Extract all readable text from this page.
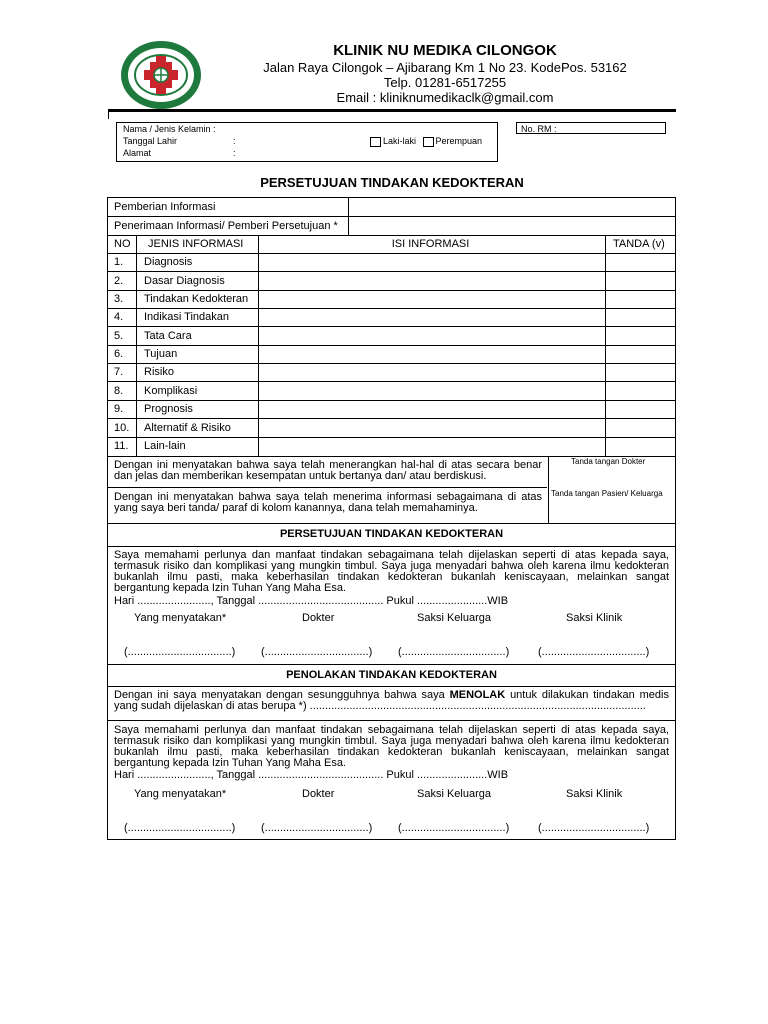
KLINIK NU MEDIKA CILONGOK
Jalan Raya Cilongok – Ajibarang Km 1 No 23. KodePos. 53162
Telp. 01281-6517255
Email : kliniknumedikaclk@gmail.com
Nama / Jenis Kelamin :
Tanggal Lahir	:	Laki-laki Perempuan
Alamat	:
No. RM :
PERSETUJUAN TINDAKAN KEDOKTERAN
Pemberian Informasi
Penerimaan Informasi/ Pemberi Persetujuan *
NO JENIS INFORMASI	ISI INFORMASI	TANDA (v)
1. Diagnosis
2. Dasar Diagnosis
3. Tindakan Kedokteran
4. Indikasi Tindakan
5. Tata Cara
6. Tujuan
7. Risiko
8. Komplikasi
9. Prognosis
10. Alternatif & Risiko
11. Lain-lain
Dengan ini menyatakan bahwa saya telah menerangkan hal-hal di atas secara benar dan jelas dan memberikan kesempatan untuk bertanya dan/ atau berdiskusi.
Tanda tangan Dokter
Dengan ini menyatakan bahwa saya telah menerima informasi sebagaimana di atas yang saya beri tanda/ paraf di kolom kanannya, dana telah memahaminya.
Tanda tangan Pasien/ Keluarga
PERSETUJUAN TINDAKAN KEDOKTERAN
Saya memahami perlunya dan manfaat tindakan sebagaimana telah dijelaskan seperti di atas kepada saya, termasuk risiko dan komplikasi yang mungkin timbul. Saya juga menyadari bahwa oleh karena ilmu kedokteran bukanlah ilmu pasti, maka keberhasilan tindakan kedokteran bukanlah keniscayaan, melainkan sangat bergantung kepada Izin Tuhan Yang Maha Esa.
Hari ........................, Tanggal ......................................... Pukul .......................WIB
Yang menyatakan*	Dokter	Saksi Keluarga	Saksi Klinik
(..................................) (..................................) (..................................)	(..................................)
PENOLAKAN TINDAKAN KEDOKTERAN
Dengan ini saya menyatakan dengan sesungguhnya bahwa saya MENOLAK untuk dilakukan tindakan medis yang sudah dijelaskan di atas berupa *) ..............................................................................................................
Saya memahami perlunya dan manfaat tindakan sebagaimana telah dijelaskan seperti di atas kepada saya, termasuk risiko dan komplikasi yang mungkin timbul. Saya juga menyadari bahwa oleh karena ilmu kedokteran bukanlah ilmu pasti, maka keberhasilan tindakan kedokteran bukanlah keniscayaan, melainkan sangat bergantung kepada Izin Tuhan Yang Maha Esa.
Hari ........................, Tanggal ......................................... Pukul .......................WIB
Yang menyatakan*	Dokter	Saksi Keluarga	Saksi Klinik
(..................................) (..................................) (..................................)	(..................................)
